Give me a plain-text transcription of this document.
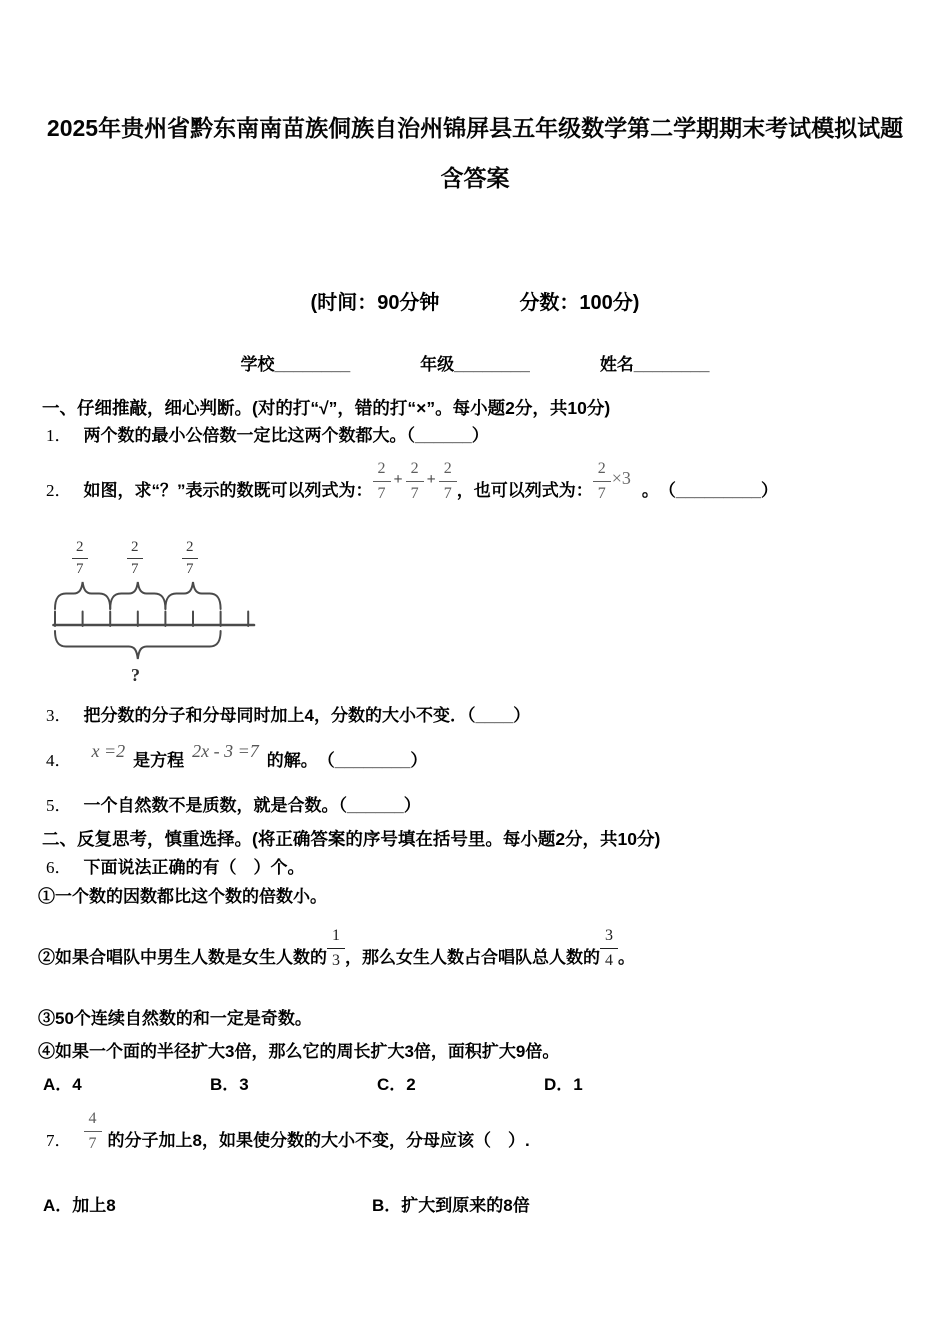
2025年贵州省黔东南南苗族侗族自治州锦屏县五年级数学第二学期期末考试模拟试题
含答案
(时间：90分钟	分数：100分)
学校________	年级________	姓名________
一、仔细推敲，细心判断。(对的打“√”，错的打“×”。每小题2分，共10分)
1． 两个数的最小公倍数一定比这两个数都大。（______）
2． 如图，求“？”表示的数既可以列式为： $\frac{2}{7} + \frac{2}{7} + \frac{2}{7}$ ，也可以列式为： $\frac{2}{7} \times 3$
。 （_________）
$\frac{2}{7}$	$\frac{2}{7}$	$\frac{2}{7}$
?
3． 把分数的分子和分母同时加上4，分数的大小不变．（____）
4． x =2 是方程 2x - 3 =7 的解。 （________）
5． 一个自然数不是质数，就是合数。（______）
二、反复思考，慎重选择。(将正确答案的序号填在括号里。每小题2分，共10分)
6． 下面说法正确的有（　）个。
①一个数的因数都比这个数的倍数小。
②如果合唱队中男生人数是女生人数的 $\frac{1}{3}$ ，那么女生人数占合唱队总人数的 $\frac{3}{4}$ 。
③50个连续自然数的和一定是奇数。
④如果一个面的半径扩大3倍，那么它的周长扩大3倍，面积扩大9倍。
A．4	B．3	C．2	D．1
7． $\frac{4}{7}$ 的分子加上8，如果使分数的大小不变，分母应该（　）.
A．加上8	B．扩大到原来的8倍
